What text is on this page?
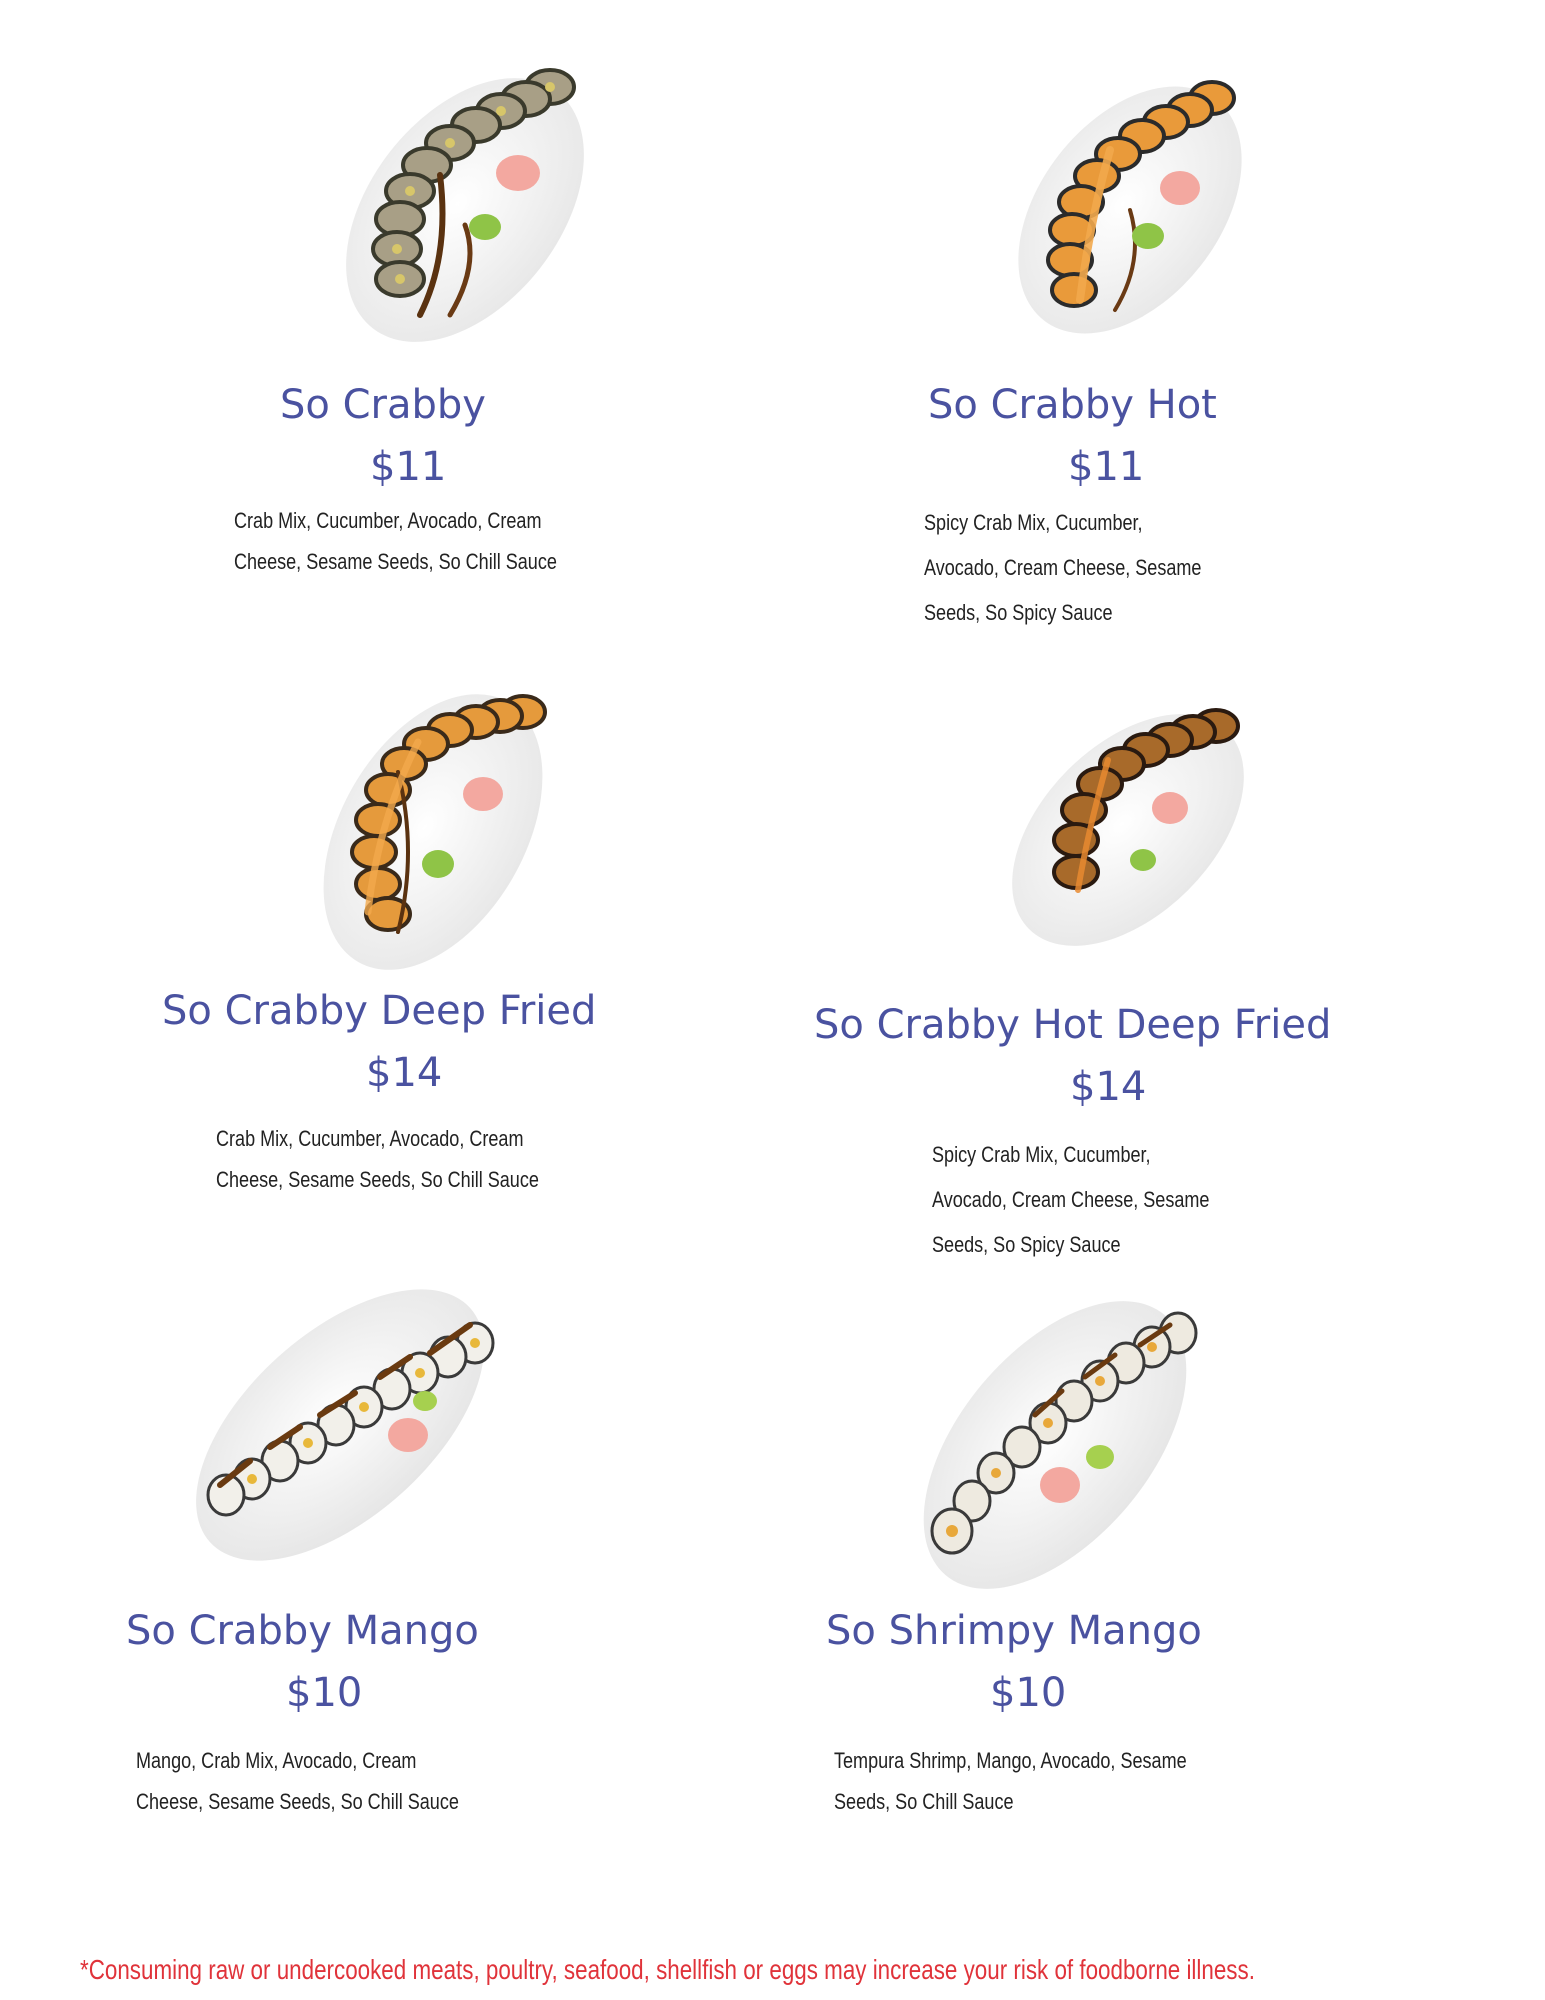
So Crabby
$11
Crab Mix, Cucumber, Avocado, Cream
Cheese, Sesame Seeds, So Chill Sauce
So Crabby Hot
$11
Spicy Crab Mix, Cucumber,
Avocado, Cream Cheese, Sesame
Seeds, So Spicy Sauce
So Crabby Deep Fried
$14
Crab Mix, Cucumber, Avocado, Cream
Cheese, Sesame Seeds, So Chill Sauce
So Crabby Hot Deep Fried
$14
Spicy Crab Mix, Cucumber,
Avocado, Cream Cheese, Sesame
Seeds, So Spicy Sauce
So Crabby Mango
$10
Mango, Crab Mix, Avocado, Cream
Cheese, Sesame Seeds, So Chill Sauce
So Shrimpy Mango
$10
Tempura Shrimp, Mango, Avocado, Sesame
Seeds, So Chill Sauce
*Consuming raw or undercooked meats, poultry, seafood, shellfish or eggs may increase your risk of foodborne illness.
